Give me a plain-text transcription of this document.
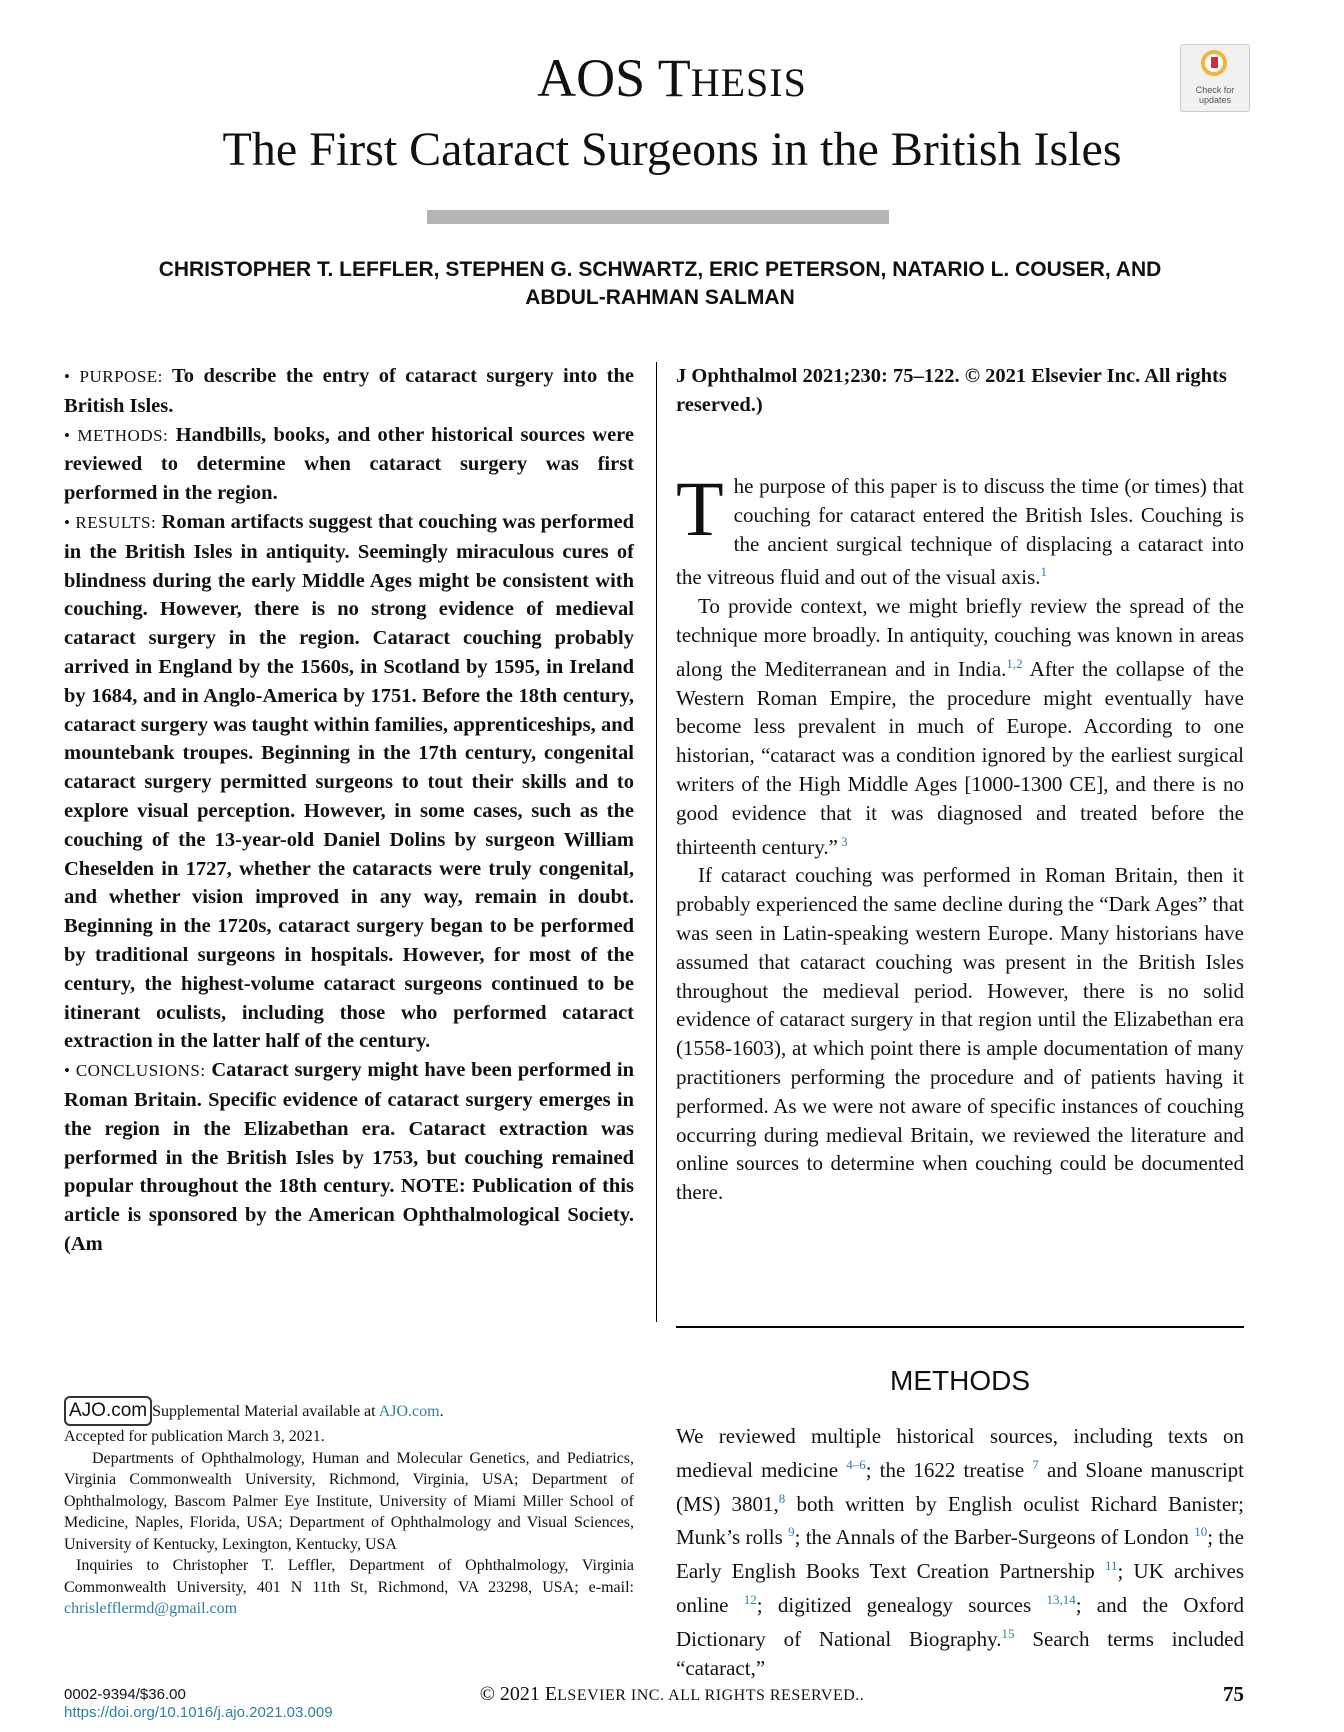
AOS THESIS
The First Cataract Surgeons in the British Isles
Check for
updates
CHRISTOPHER T. LEFFLER, STEPHEN G. SCHWARTZ, ERIC PETERSON, NATARIO L. COUSER, AND
ABDUL-RAHMAN SALMAN

• PURPOSE: To describe the entry of cataract surgery into the British Isles.

• METHODS: Handbills, books, and other historical sources were reviewed to determine when cataract surgery was first performed in the region.

• RESULTS: Roman artifacts suggest that couching was performed in the British Isles in antiquity. Seemingly miraculous cures of blindness during the early Middle Ages might be consistent with couching. However, there is no strong evidence of medieval cataract surgery in the region. Cataract couching probably arrived in England by the 1560s, in Scotland by 1595, in Ireland by 1684, and in Anglo-America by 1751. Before the 18th century, cataract surgery was taught within families, apprenticeships, and mountebank troupes. Beginning in the 17th century, congenital cataract surgery permitted surgeons to tout their skills and to explore visual perception. However, in some cases, such as the couching of the 13-year-old Daniel Dolins by surgeon William Cheselden in 1727, whether the cataracts were truly congenital, and whether vision improved in any way, remain in doubt. Beginning in the 1720s, cataract surgery began to be performed by traditional surgeons in hospitals. However, for most of the century, the highest-volume cataract surgeons continued to be itinerant oculists, including those who performed cataract extraction in the latter half of the century.

• CONCLUSIONS: Cataract surgery might have been performed in Roman Britain. Specific evidence of cataract surgery emerges in the region in the Elizabethan era. Cataract extraction was performed in the British Isles by 1753, but couching remained popular throughout the 18th century. NOTE: Publication of this article is sponsored by the American Ophthalmological Society. (Am

J Ophthalmol 2021;230: 75–122. © 2021 Elsevier Inc. All rights reserved.)

The purpose of this paper is to discuss the time (or times) that couching for cataract entered the British Isles. Couching is the ancient surgical technique of displacing a cataract into the vitreous fluid and out of the visual axis.$^1$

To provide context, we might briefly review the spread of the technique more broadly. In antiquity, couching was known in areas along the Mediterranean and in India.$^{1,2}$ After the collapse of the Western Roman Empire, the procedure might eventually have become less prevalent in much of Europe. According to one historian, “cataract was a condition ignored by the earliest surgical writers of the High Middle Ages [1000-1300 CE], and there is no good evidence that it was diagnosed and treated before the thirteenth century.” $^3$

If cataract couching was performed in Roman Britain, then it probably experienced the same decline during the “Dark Ages” that was seen in Latin-speaking western Europe. Many historians have assumed that cataract couching was present in the British Isles throughout the medieval period. However, there is no solid evidence of cataract surgery in that region until the Elizabethan era (1558-1603), at which point there is ample documentation of many practitioners performing the procedure and of patients having it performed. As we were not aware of specific instances of couching occurring during medieval Britain, we reviewed the literature and online sources to determine when couching could be documented there.

METHODS

We reviewed multiple historical sources, including texts on medieval medicine $^{4-6}$; the 1622 treatise $^7$ and Sloane manuscript (MS) 3801,$^8$ both written by English oculist Richard Banister; Munk’s rolls $^9$; the Annals of the Barber-Surgeons of London $^{10}$; the Early English Books Text Creation Partnership $^{11}$; UK archives online $^{12}$; digitized genealogy sources $^{13,14}$; and the Oxford Dictionary of National Biography.$^{15}$ Search terms included “cataract,”

AJO.com Supplemental Material available at AJO.com.

Accepted for publication March 3, 2021.

Departments of Ophthalmology, Human and Molecular Genetics, and Pediatrics, Virginia Commonwealth University, Richmond, Virginia, USA; Department of Ophthalmology, Bascom Palmer Eye Institute, University of Miami Miller School of Medicine, Naples, Florida, USA; Department of Ophthalmology and Visual Sciences, University of Kentucky, Lexington, Kentucky, USA

Inquiries to Christopher T. Leffler, Department of Ophthalmology, Virginia Commonwealth University, 401 N 11th St, Richmond, VA 23298, USA; e-mail: chrislefflermd@gmail.com

0002-9394/$36.00
https://doi.org/10.1016/j.ajo.2021.03.009
© 2021 ELSEVIER INC. ALL RIGHTS RESERVED..	75
